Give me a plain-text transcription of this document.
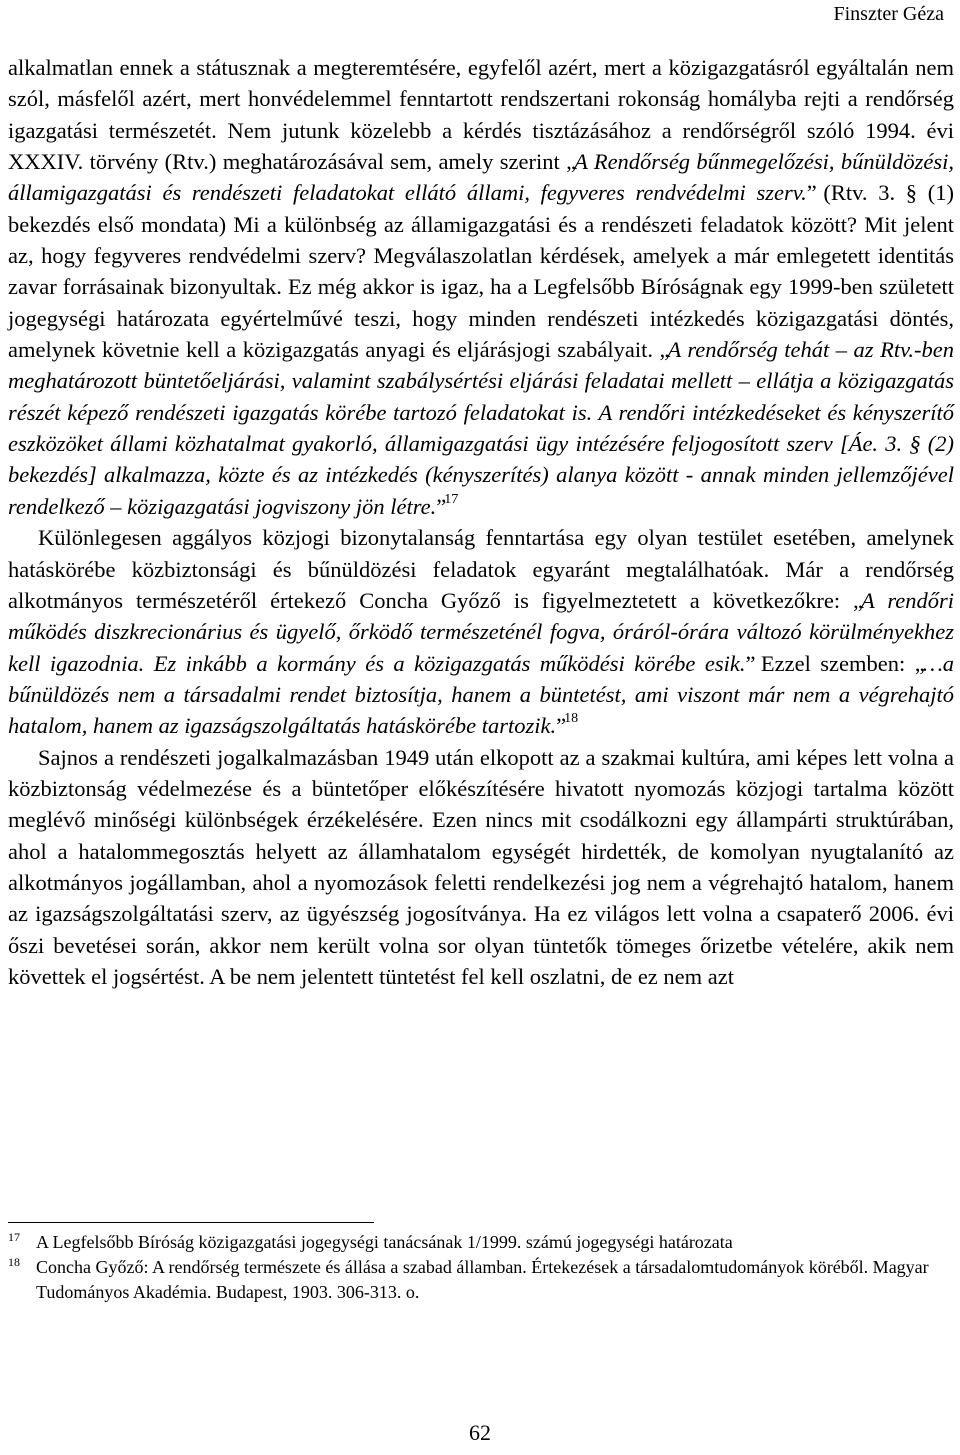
Finszter Géza

alkalmatlan ennek a státusznak a megteremtésére, egyfelől azért, mert a közigazgatásról egyáltalán nem szól, másfelől azért, mert honvédelemmel fenntartott rendszertani rokonság homályba rejti a rendőrség igazgatási természetét. Nem jutunk közelebb a kérdés tisztázásához a rendőrségről szóló 1994. évi XXXIV. törvény (Rtv.) meghatározásával sem, amely szerint „A Rendőrség bűnmegelőzési, bűnüldözési, államigazgatási és rendészeti feladatokat ellátó állami, fegyveres rendvédelmi szerv.” (Rtv. 3. § (1) bekezdés első mondata) Mi a különbség az államigazgatási és a rendészeti feladatok között? Mit jelent az, hogy fegyveres rendvédelmi szerv? Megválaszolatlan kérdések, amelyek a már emlegetett identitás zavar forrásainak bizonyultak. Ez még akkor is igaz, ha a Legfelsőbb Bíróságnak egy 1999-ben született jogegységi határozata egyértelművé teszi, hogy minden rendészeti intézkedés közigazgatási döntés, amelynek követnie kell a közigazgatás anyagi és eljárásjogi szabályait. „A rendőrség tehát – az Rtv.-ben meghatározott büntetőeljárási, valamint szabálysértési eljárási feladatai mellett – ellátja a közigazgatás részét képező rendészeti igazgatás körébe tartozó feladatokat is. A rendőri intézkedéseket és kényszerítő eszközöket állami közhatalmat gyakorló, államigazgatási ügy intézésére feljogosított szerv [Áe. 3. § (2) bekezdés] alkalmazza, közte és az intézkedés (kényszerítés) alanya között - annak minden jellemzőjével rendelkező – közigazgatási jogviszony jön létre.”$^{17}$

Különlegesen aggályos közjogi bizonytalanság fenntartása egy olyan testület esetében, amelynek hatáskörébe közbiztonsági és bűnüldözési feladatok egyaránt megtalálhatóak. Már a rendőrség alkotmányos természetéről értekező Concha Győző is figyelmeztetett a következőkre: „A rendőri működés diszkrecionárius és ügyelő, őrködő természeténél fogva, óráról-órára változó körülményekhez kell igazodnia. Ez inkább a kormány és a közigazgatás működési körébe esik.” Ezzel szemben: „…a bűnüldözés nem a társadalmi rendet biztosítja, hanem a büntetést, ami viszont már nem a végrehajtó hatalom, hanem az igazságszolgáltatás hatáskörébe tartozik.”$^{18}$

Sajnos a rendészeti jogalkalmazásban 1949 után elkopott az a szakmai kultúra, ami képes lett volna a közbiztonság védelmezése és a büntetőper előkészítésére hivatott nyomozás közjogi tartalma között meglévő minőségi különbségek érzékelésére. Ezen nincs mit csodálkozni egy állampárti struktúrában, ahol a hatalommegosztás helyett az államhatalom egységét hirdették, de komolyan nyugtalanító az alkotmányos jogállamban, ahol a nyomozások feletti rendelkezési jog nem a végrehajtó hatalom, hanem az igazságszolgáltatási szerv, az ügyészség jogosítványa. Ha ez világos lett volna a csapaterő 2006. évi őszi bevetései során, akkor nem került volna sor olyan tüntetők tömeges őrizetbe vételére, akik nem követtek el jogsértést. A be nem jelentett tüntetést fel kell oszlatni, de ez nem azt

17 A Legfelsőbb Bíróság közigazgatási jogegységi tanácsának 1/1999. számú jogegységi határozata
18 Concha Győző: A rendőrség természete és állása a szabad államban. Értekezések a társadalomtudományok köréből. Magyar Tudományos Akadémia. Budapest, 1903. 306-313. o.
62
